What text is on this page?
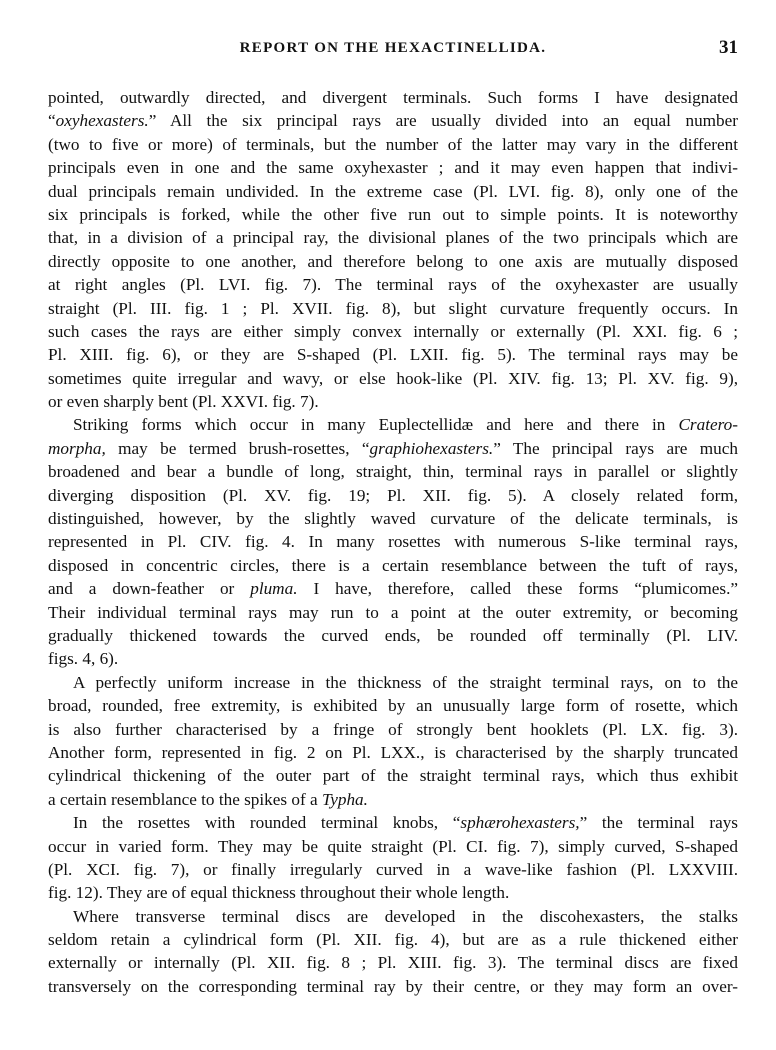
REPORT ON THE HEXACTINELLIDA.	31
pointed, outwardly directed, and divergent terminals. Such forms I have designated
“oxyhexasters.” All the six principal rays are usually divided into an equal number
(two to five or more) of terminals, but the number of the latter may vary in the different
principals even in one and the same oxyhexaster ; and it may even happen that indivi-
dual principals remain undivided. In the extreme case (Pl. LVI. fig. 8), only one of the
six principals is forked, while the other five run out to simple points. It is noteworthy
that, in a division of a principal ray, the divisional planes of the two principals which are
directly opposite to one another, and therefore belong to one axis are mutually disposed
at right angles (Pl. LVI. fig. 7). The terminal rays of the oxyhexaster are usually
straight (Pl. III. fig. 1 ; Pl. XVII. fig. 8), but slight curvature frequently occurs. In
such cases the rays are either simply convex internally or externally (Pl. XXI. fig. 6 ;
Pl. XIII. fig. 6), or they are S-shaped (Pl. LXII. fig. 5). The terminal rays may be
sometimes quite irregular and wavy, or else hook-like (Pl. XIV. fig. 13; Pl. XV. fig. 9),
or even sharply bent (Pl. XXVI. fig. 7).
Striking forms which occur in many Euplectellidæ and here and there in Cratero-
morpha, may be termed brush-rosettes, “graphiohexasters.” The principal rays are much
broadened and bear a bundle of long, straight, thin, terminal rays in parallel or slightly
diverging disposition (Pl. XV. fig. 19; Pl. XII. fig. 5). A closely related form,
distinguished, however, by the slightly waved curvature of the delicate terminals, is
represented in Pl. CIV. fig. 4. In many rosettes with numerous S-like terminal rays,
disposed in concentric circles, there is a certain resemblance between the tuft of rays,
and a down-feather or pluma. I have, therefore, called these forms “plumicomes.”
Their individual terminal rays may run to a point at the outer extremity, or becoming
gradually thickened towards the curved ends, be rounded off terminally (Pl. LIV.
figs. 4, 6).
A perfectly uniform increase in the thickness of the straight terminal rays, on to the
broad, rounded, free extremity, is exhibited by an unusually large form of rosette, which
is also further characterised by a fringe of strongly bent hooklets (Pl. LX. fig. 3).
Another form, represented in fig. 2 on Pl. LXX., is characterised by the sharply truncated
cylindrical thickening of the outer part of the straight terminal rays, which thus exhibit
a certain resemblance to the spikes of a Typha.
In the rosettes with rounded terminal knobs, “sphærohexasters,” the terminal rays
occur in varied form. They may be quite straight (Pl. CI. fig. 7), simply curved, S-shaped
(Pl. XCI. fig. 7), or finally irregularly curved in a wave-like fashion (Pl. LXXVIII.
fig. 12). They are of equal thickness throughout their whole length.
Where transverse terminal discs are developed in the discohexasters, the stalks
seldom retain a cylindrical form (Pl. XII. fig. 4), but are as a rule thickened either
externally or internally (Pl. XII. fig. 8 ; Pl. XIII. fig. 3). The terminal discs are fixed
transversely on the corresponding terminal ray by their centre, or they may form an over-
